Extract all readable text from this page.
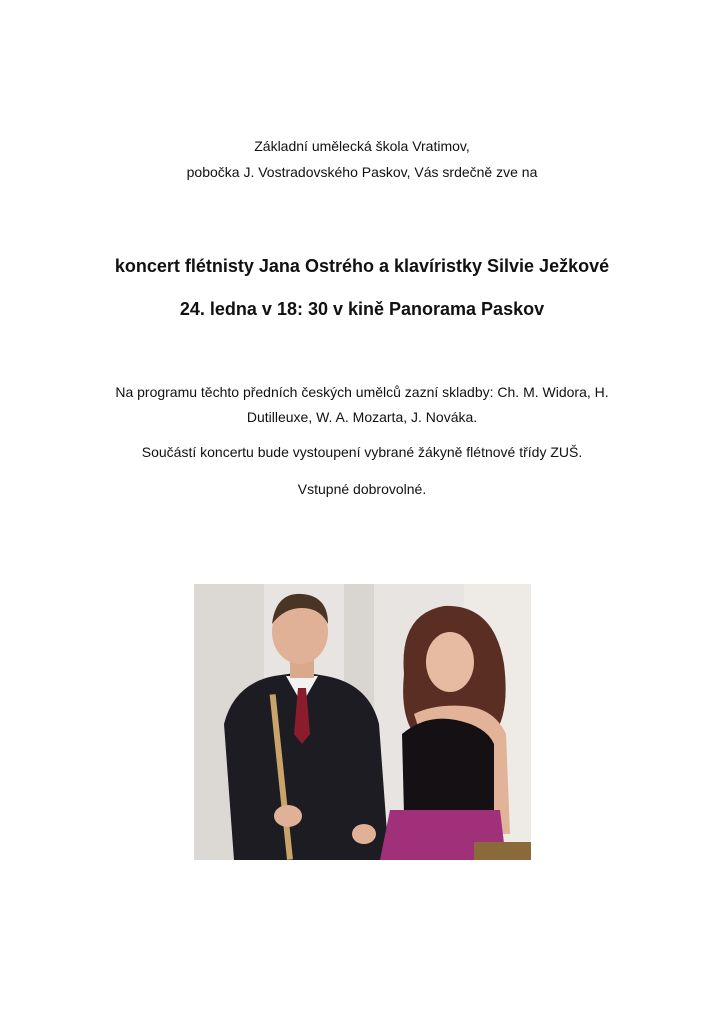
Základní umělecká škola Vratimov,
pobočka J. Vostradovského Paskov, Vás srdečně zve na
koncert flétnisty Jana Ostrého a klavíristky Silvie Ježkové
24. ledna v 18: 30 v kině Panorama Paskov
Na programu těchto předních českých umělců zazní skladby: Ch. M. Widora, H.
Dutilleuxe, W. A. Mozarta, J. Nováka.
Součástí koncertu bude vystoupení vybrané žákyně flétnové třídy ZUŠ.
Vstupné dobrovolné.
